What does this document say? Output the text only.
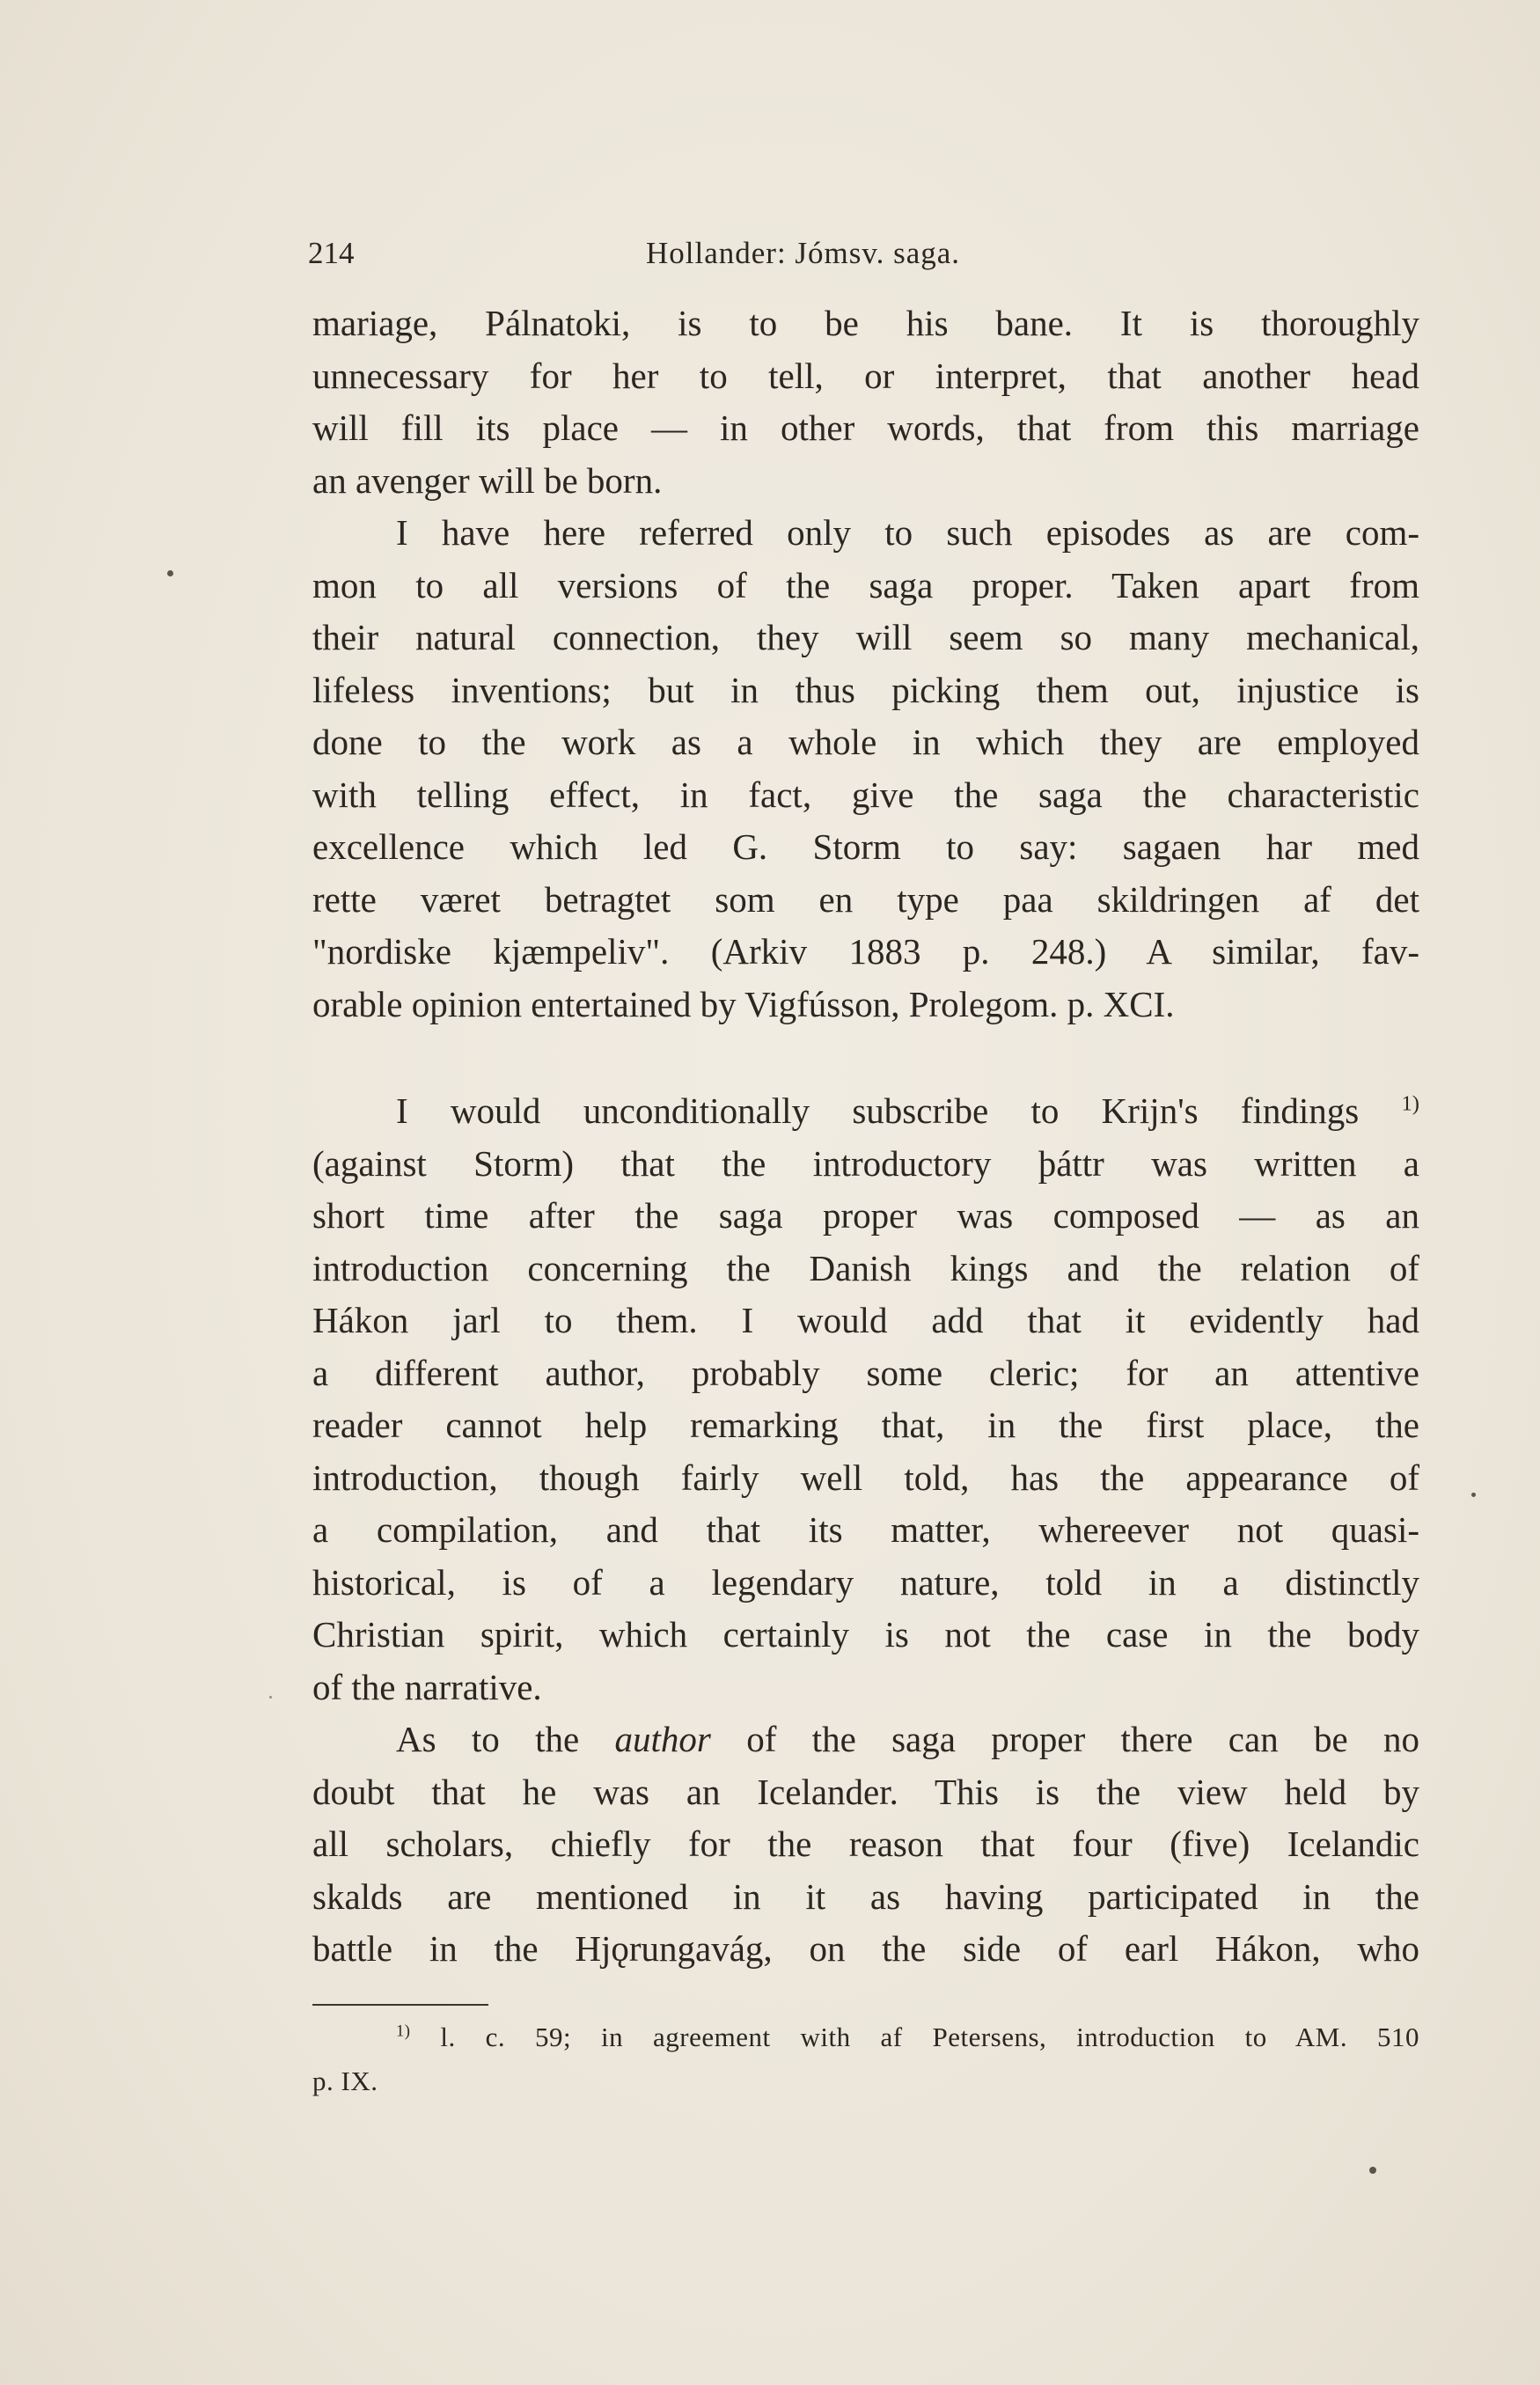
214	Hollander: Jómsv. saga.
mariage, Pálnatoki, is to be his bane. It is thoroughly
unnecessary for her to tell, or interpret, that another head
will fill its place — in other words, that from this marriage
an avenger will be born.
I have here referred only to such episodes as are com-
mon to all versions of the saga proper. Taken apart from
their natural connection, they will seem so many mechanical,
lifeless inventions; but in thus picking them out, injustice is
done to the work as a whole in which they are employed
with telling effect, in fact, give the saga the characteristic
excellence which led G. Storm to say: sagaen har med
rette været betragtet som en type paa skildringen af det
"nordiske kjæmpeliv". (Arkiv 1883 p. 248.) A similar, fav-
orable opinion entertained by Vigfússon, Prolegom. p. XCI.
I would unconditionally subscribe to Krijn's findings $^{1)}$
(against Storm) that the introductory þáttr was written a
short time after the saga proper was composed — as an
introduction concerning the Danish kings and the relation of
Hákon jarl to them. I would add that it evidently had
a different author, probably some cleric; for an attentive
reader cannot help remarking that, in the first place, the
introduction, though fairly well told, has the appearance of
a compilation, and that its matter, whereever not quasi-
historical, is of a legendary nature, told in a distinctly
Christian spirit, which certainly is not the case in the body
of the narrative.
As to the author of the saga proper there can be no
doubt that he was an Icelander. This is the view held by
all scholars, chiefly for the reason that four (five) Icelandic
skalds are mentioned in it as having participated in the
battle in the Hjǫrungavág, on the side of earl Hákon, who
$^{1)}$ l. c. 59; in agreement with af Petersens, introduction to AM. 510
p. IX.
